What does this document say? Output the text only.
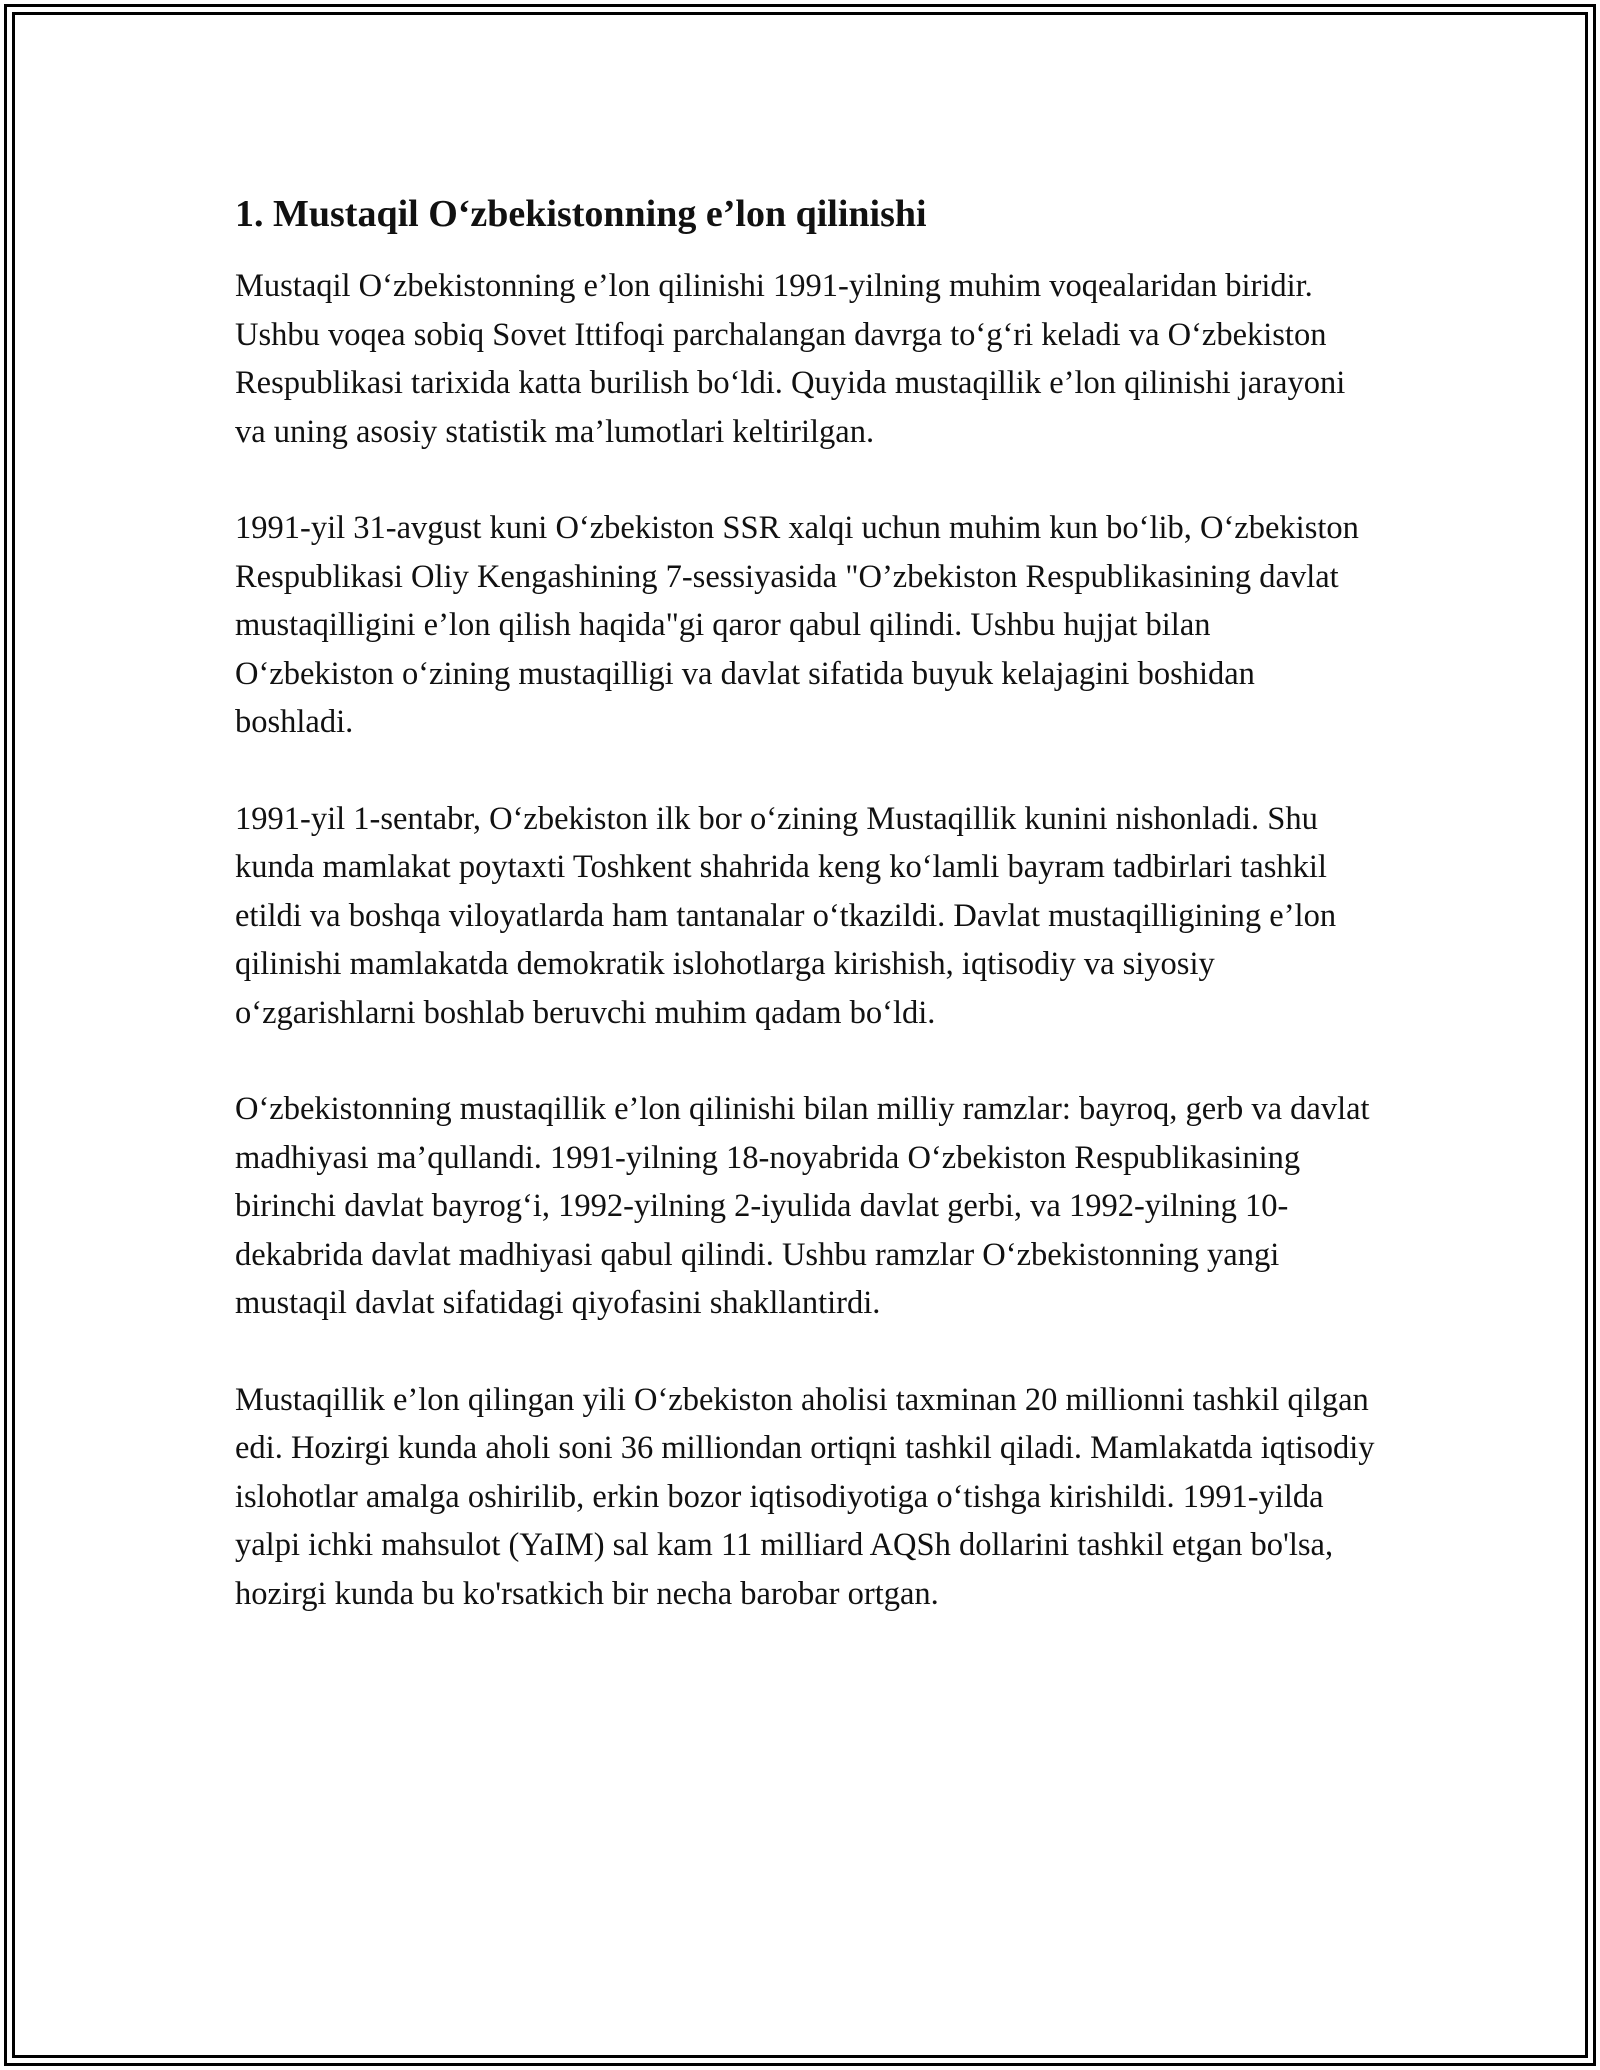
1. Mustaqil O‘zbekistonning e’lon qilinishi

Mustaqil O‘zbekistonning e’lon qilinishi 1991-yilning muhim voqealaridan biridir. Ushbu voqea sobiq Sovet Ittifoqi parchalangan davrga to‘g‘ri keladi va O‘zbekiston Respublikasi tarixida katta burilish bo‘ldi. Quyida mustaqillik e’lon qilinishi jarayoni va uning asosiy statistik ma’lumotlari keltirilgan.

1991-yil 31-avgust kuni O‘zbekiston SSR xalqi uchun muhim kun bo‘lib, O‘zbekiston Respublikasi Oliy Kengashining 7-sessiyasida "O’zbekiston Respublikasining davlat mustaqilligini e’lon qilish haqida"gi qaror qabul qilindi. Ushbu hujjat bilan O‘zbekiston o‘zining mustaqilligi va davlat sifatida buyuk kelajagini boshidan boshladi.

1991-yil 1-sentabr, O‘zbekiston ilk bor o‘zining Mustaqillik kunini nishonladi. Shu kunda mamlakat poytaxti Toshkent shahrida keng ko‘lamli bayram tadbirlari tashkil etildi va boshqa viloyatlarda ham tantanalar o‘tkazildi. Davlat mustaqilligining e’lon qilinishi mamlakatda demokratik islohotlarga kirishish, iqtisodiy va siyosiy o‘zgarishlarni boshlab beruvchi muhim qadam bo‘ldi.

O‘zbekistonning mustaqillik e’lon qilinishi bilan milliy ramzlar: bayroq, gerb va davlat madhiyasi ma’qullandi. 1991-yilning 18-noyabrida O‘zbekiston Respublikasining birinchi davlat bayrog‘i, 1992-yilning 2-iyulida davlat gerbi, va 1992-yilning 10-dekabrida davlat madhiyasi qabul qilindi. Ushbu ramzlar O‘zbekistonning yangi mustaqil davlat sifatidagi qiyofasini shakllantirdi.

Mustaqillik e’lon qilingan yili O‘zbekiston aholisi taxminan 20 millionni tashkil qilgan edi. Hozirgi kunda aholi soni 36 milliondan ortiqni tashkil qiladi. Mamlakatda iqtisodiy islohotlar amalga oshirilib, erkin bozor iqtisodiyotiga o‘tishga kirishildi. 1991-yilda yalpi ichki mahsulot (YaIM) sal kam 11 milliard AQSh dollarini tashkil etgan bo'lsa, hozirgi kunda bu ko'rsatkich bir necha barobar ortgan.
